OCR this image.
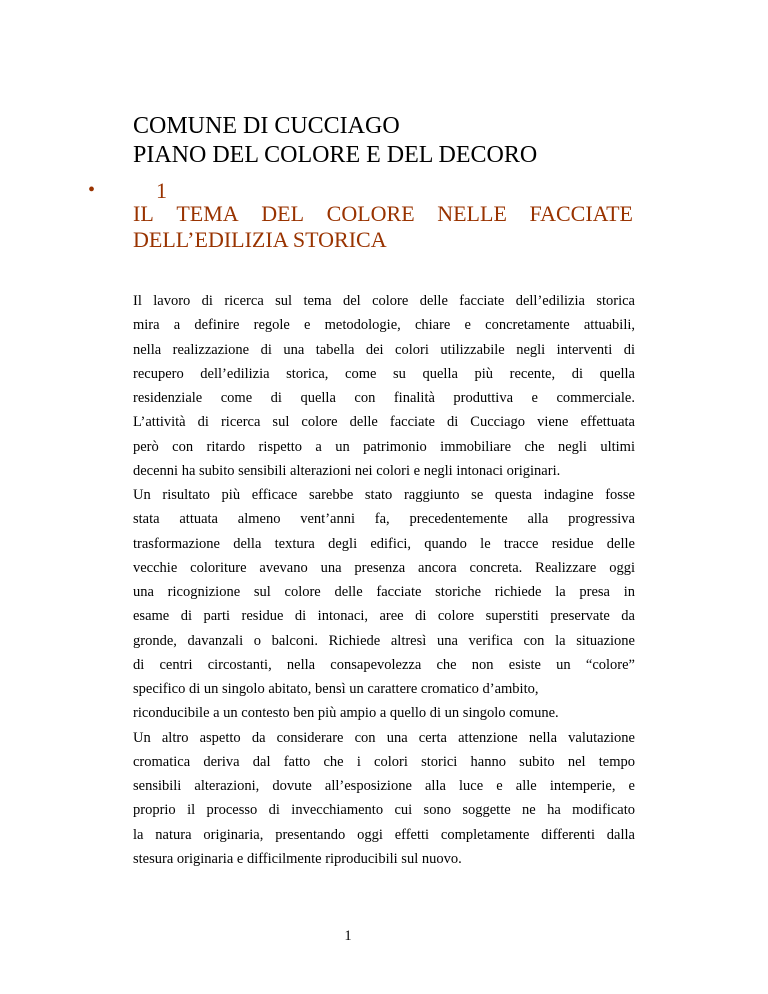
COMUNE DI CUCCIAGO
PIANO DEL COLORE E DEL DECORO
•	1
IL TEMA DEL COLORE NELLE FACCIATE
DELL’EDILIZIA STORICA
Il lavoro di ricerca sul tema del colore delle facciate dell’edilizia storica
mira a definire regole e metodologie, chiare e concretamente attuabili,
nella realizzazione di una tabella dei colori utilizzabile negli interventi di
recupero dell’edilizia storica, come su quella più recente, di quella
residenziale come di quella con finalità produttiva e commerciale.
L’attività di ricerca sul colore delle facciate di Cucciago viene effettuata
però con ritardo rispetto a un patrimonio immobiliare che negli ultimi
decenni ha subito sensibili alterazioni nei colori e negli intonaci originari.
Un risultato più efficace sarebbe stato raggiunto se questa indagine fosse
stata attuata almeno vent’anni fa, precedentemente alla progressiva
trasformazione della textura degli edifici, quando le tracce residue delle
vecchie coloriture avevano una presenza ancora concreta. Realizzare oggi
una ricognizione sul colore delle facciate storiche richiede la presa in
esame di parti residue di intonaci, aree di colore superstiti preservate da
gronde, davanzali o balconi. Richiede altresì una verifica con la situazione
di centri circostanti, nella consapevolezza che non esiste un “colore”
specifico di un singolo abitato, bensì un carattere cromatico d’ambito,
riconducibile a un contesto ben più ampio a quello di un singolo comune.
Un altro aspetto da considerare con una certa attenzione nella valutazione
cromatica deriva dal fatto che i colori storici hanno subito nel tempo
sensibili alterazioni, dovute all’esposizione alla luce e alle intemperie, e
proprio il processo di invecchiamento cui sono soggette ne ha modificato
la natura originaria, presentando oggi effetti completamente differenti dalla
stesura originaria e difficilmente riproducibili sul nuovo.
1
